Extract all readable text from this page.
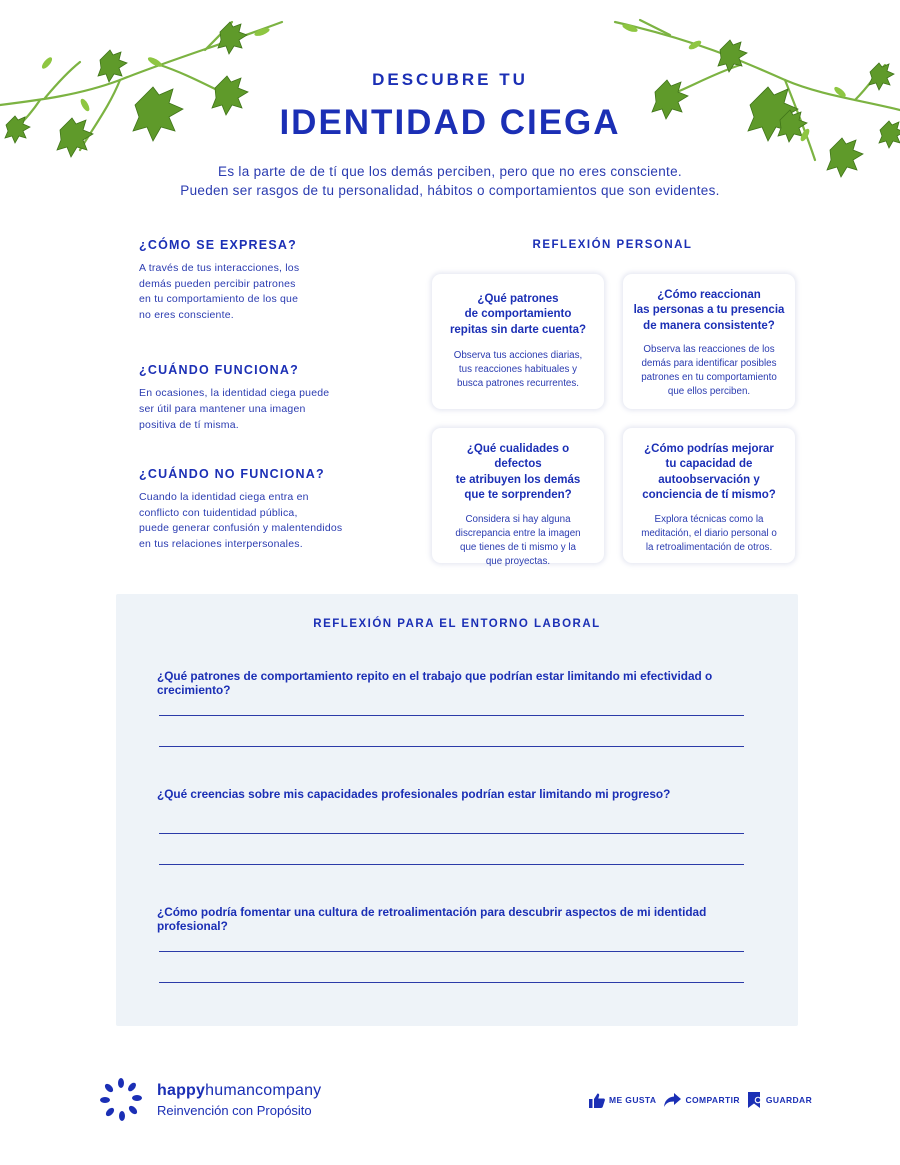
DESCUBRE TU
IDENTIDAD CIEGA
Es la parte de de tí que los demás perciben, pero que no eres consciente.
Pueden ser rasgos de tu personalidad, hábitos o comportamientos que son evidentes.
¿CÓMO SE EXPRESA?
A través de tus interacciones, los
demás pueden percibir patrones
en tu comportamiento de los que
no eres consciente.
¿CUÁNDO FUNCIONA?
En ocasiones, la identidad ciega puede
ser útil para mantener una imagen
positiva de tí misma.
¿CUÁNDO NO FUNCIONA?
Cuando la identidad ciega entra en
conflicto con tuidentidad pública,
puede generar confusión y malentendidos
en tus relaciones interpersonales.
REFLEXIÓN PERSONAL
¿Qué patrones
de comportamiento
repitas sin darte cuenta?
Observa tus acciones diarias,
tus reacciones habituales y
busca patrones recurrentes.
¿Cómo reaccionan
las personas a tu presencia
de manera consistente?
Observa las reacciones de los
demás para identificar posibles
patrones en tu comportamiento
que ellos perciben.
¿Qué cualidades o defectos
te atribuyen los demás
que te sorprenden?
Considera si hay alguna
discrepancia entre la imagen
que tienes de ti mismo y la
que proyectas.
¿Cómo podrías mejorar
tu capacidad de
autoobservación y
conciencia de tí mismo?
Explora técnicas como la
meditación, el diario personal o
la retroalimentación de otros.
REFLEXIÓN PARA EL ENTORNO LABORAL
¿Qué patrones de comportamiento repito en el trabajo que podrían estar limitando mi efectividad o crecimiento?
¿Qué creencias sobre mis capacidades profesionales podrían estar limitando mi progreso?
¿Cómo podría fomentar una cultura de retroalimentación para descubrir aspectos de mi identidad profesional?
happyhumancompany
Reinvención con Propósito
ME GUSTA	COMPARTIR	GUARDAR
